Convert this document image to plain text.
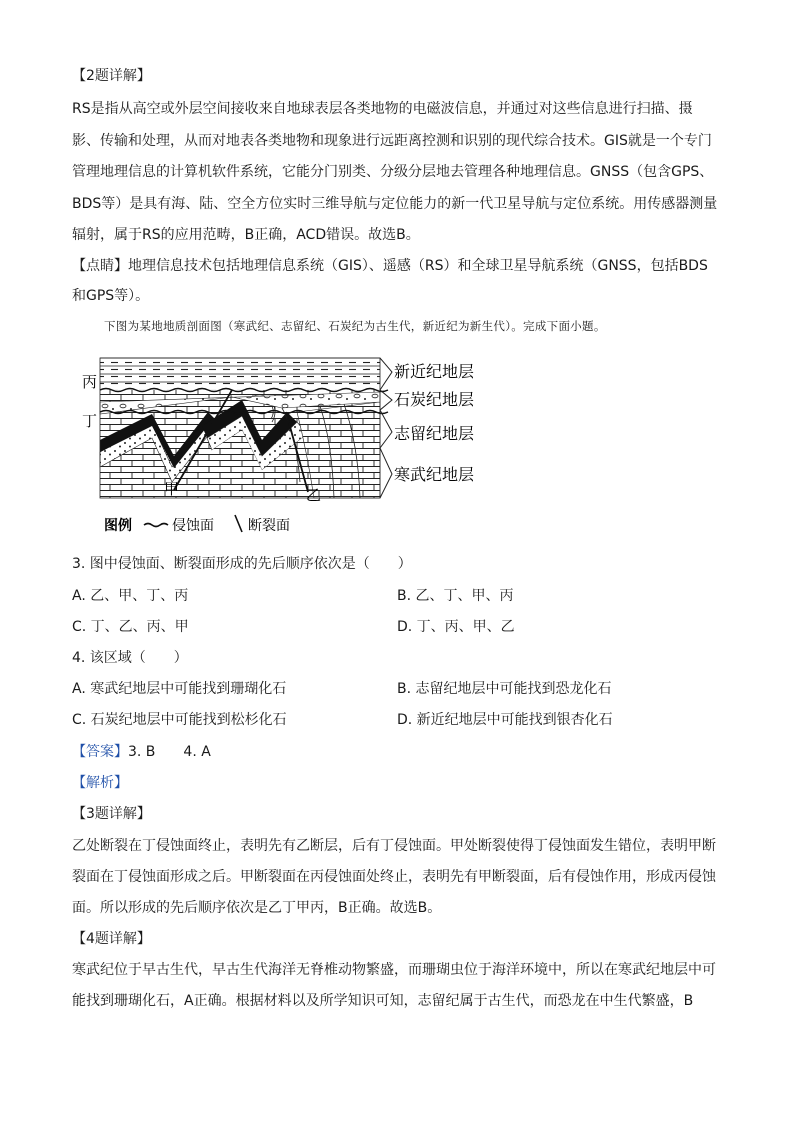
【2题详解】
RS是指从高空或外层空间接收来自地球表层各类地物的电磁波信息，并通过对这些信息进行扫描、摄
影、传输和处理，从而对地表各类地物和现象进行远距离控测和识别的现代综合技术。GIS就是一个专门
管理地理信息的计算机软件系统，它能分门别类、分级分层地去管理各种地理信息。GNSS（包含GPS、
BDS等）是具有海、陆、空全方位实时三维导航与定位能力的新一代卫星导航与定位系统。用传感器测量
辐射，属于RS的应用范畴，B正确，ACD错误。故选B。
【点睛】地理信息技术包括地理信息系统（GIS）、遥感（RS）和全球卫星导航系统（GNSS，包括BDS
和GPS等）。
下图为某地地质剖面图（寒武纪、志留纪、石炭纪为古生代，新近纪为新生代）。完成下面小题。
新近纪地层
石炭纪地层
志留纪地层
寒武纪地层
丙
丁
甲	乙
图例	侵蚀面 断裂面
3. 图中侵蚀面、断裂面形成的先后顺序依次是（　　）
A. 乙、甲、丁、丙	B. 乙、丁、甲、丙
C. 丁、乙、丙、甲	D. 丁、丙、甲、乙
4. 该区域（　　）
A. 寒武纪地层中可能找到珊瑚化石	B. 志留纪地层中可能找到恐龙化石
C. 石炭纪地层中可能找到松杉化石	D. 新近纪地层中可能找到银杏化石
【答案】3. B　　4. A
【解析】
【3题详解】
乙处断裂在丁侵蚀面终止，表明先有乙断层，后有丁侵蚀面。甲处断裂使得丁侵蚀面发生错位，表明甲断
裂面在丁侵蚀面形成之后。甲断裂面在丙侵蚀面处终止，表明先有甲断裂面，后有侵蚀作用，形成丙侵蚀
面。所以形成的先后顺序依次是乙丁甲丙，B正确。故选B。
【4题详解】
寒武纪位于早古生代，早古生代海洋无脊椎动物繁盛，而珊瑚虫位于海洋环境中，所以在寒武纪地层中可
能找到珊瑚化石，A正确。根据材料以及所学知识可知，志留纪属于古生代，而恐龙在中生代繁盛，B
